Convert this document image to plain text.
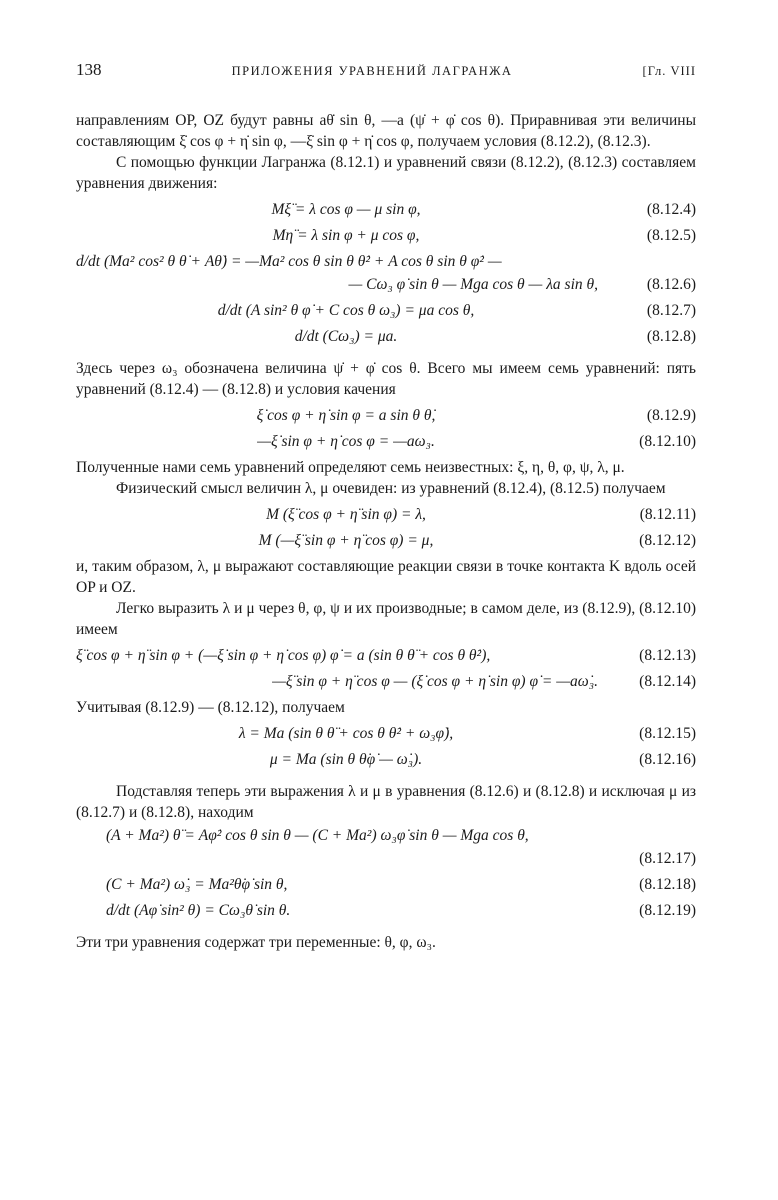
138	ПРИЛОЖЕНИЯ УРАВНЕНИЙ ЛАГРАНЖА	[Гл. VIII

направлениям OP, OZ будут равны aθ̇ sin θ, —a (ψ̇ + φ̇ cos θ). Приравнивая эти величины составляющим ξ̇ cos φ + η̇ sin φ, —ξ̇ sin φ + η̇ cos φ, получаем условия (8.12.2), (8.12.3).

С помощью функции Лагранжа (8.12.1) и уравнений связи (8.12.2), (8.12.3) составляем уравнения движения:

Mξ̈ = λ cos φ — μ sin φ,	(8.12.4)
Mη̈ = λ sin φ + μ cos φ,	(8.12.5)
d/dt (Ma² cos² θ θ̇ + Aθ̇) = —Ma² cos θ sin θ θ̇² + A cos θ sin θ φ̇² —
— Cω₃ φ̇ sin θ — Mga cos θ — λa sin θ,	(8.12.6)
d/dt (A sin² θ φ̇ + C cos θ ω₃) = μa cos θ,	(8.12.7)
d/dt (Cω₃) = μa.	(8.12.8)

Здесь через ω₃ обозначена величина ψ̇ + φ̇ cos θ. Всего мы имеем семь уравнений: пять уравнений (8.12.4) — (8.12.8) и условия качения

ξ̇ cos φ + η̇ sin φ = a sin θ θ̇,	(8.12.9)
—ξ̇ sin φ + η̇ cos φ = —aω₃.	(8.12.10)

Полученные нами семь уравнений определяют семь неизвестных: ξ, η, θ, φ, ψ, λ, μ.

Физический смысл величин λ, μ очевиден: из уравнений (8.12.4), (8.12.5) получаем

M (ξ̈ cos φ + η̈ sin φ) = λ,	(8.12.11)
M (—ξ̈ sin φ + η̈ cos φ) = μ,	(8.12.12)

и, таким образом, λ, μ выражают составляющие реакции связи в точке контакта K вдоль осей OP и OZ.

Легко выразить λ и μ через θ, φ, ψ и их производные; в самом деле, из (8.12.9), (8.12.10) имеем

ξ̈ cos φ + η̈ sin φ + (—ξ̇ sin φ + η̇ cos φ) φ̇ = a (sin θ θ̈ + cos θ θ̇²),	(8.12.13)
—ξ̈ sin φ + η̈ cos φ — (ξ̇ cos φ + η̇ sin φ) φ̇ = —aω̇₃.	(8.12.14)

Учитывая (8.12.9) — (8.12.12), получаем

λ = Ma (sin θ θ̈ + cos θ θ̇² + ω₃φ̇),	(8.12.15)
μ = Ma (sin θ θ̇φ̇ — ω̇₃).	(8.12.16)

Подставляя теперь эти выражения λ и μ в уравнения (8.12.6) и (8.12.8) и исключая μ из (8.12.7) и (8.12.8), находим

(A + Ma²) θ̈ = Aφ̇² cos θ sin θ — (C + Ma²) ω₃φ̇ sin θ — Mga cos θ,
(8.12.17)
(C + Ma²) ω̇₃ = Ma²θ̇φ̇ sin θ,	(8.12.18)
d/dt (Aφ̇ sin² θ) = Cω₃θ̇ sin θ.	(8.12.19)

Эти три уравнения содержат три переменные: θ, φ, ω₃.
